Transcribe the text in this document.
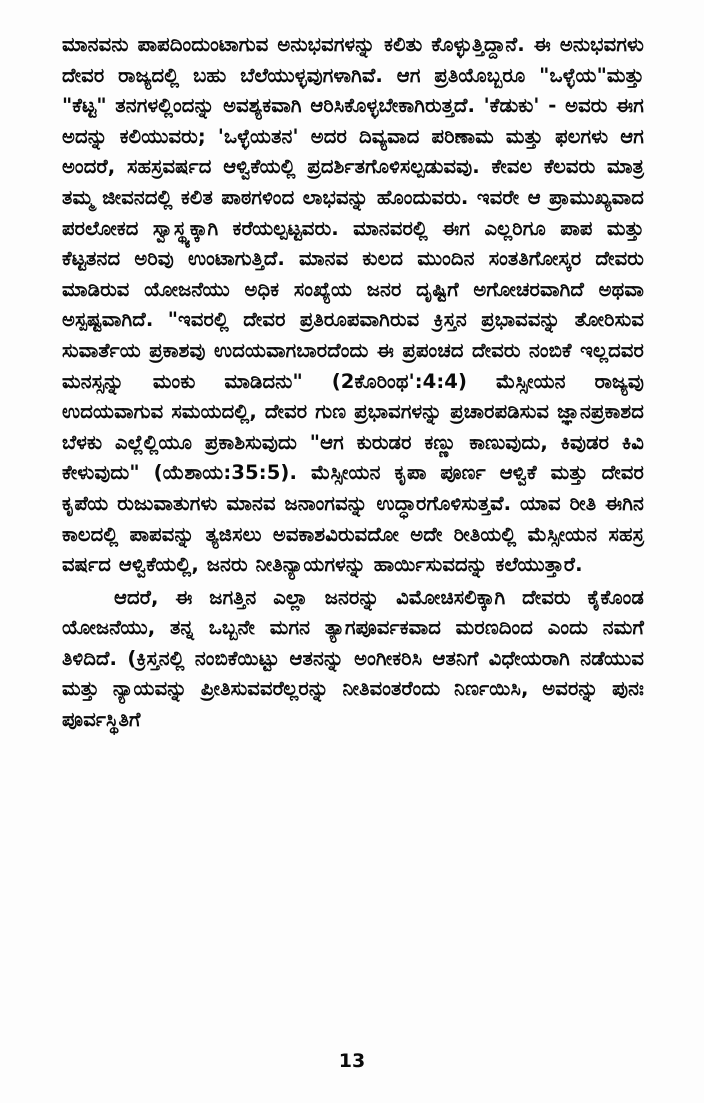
ಮಾನವನು ಪಾಪದಿಂದುಂಟಾಗುವ ಅನುಭವಗಳನ್ನು ಕಲಿತು ಕೊಳ್ಳುತ್ತಿದ್ದಾನೆ. ಈ ಅನುಭವಗಳು ದೇವರ ರಾಜ್ಯದಲ್ಲಿ ಬಹು ಬೆಲೆಯುಳ್ಳವುಗಳಾಗಿವೆ. ಆಗ ಪ್ರತಿಯೊಬ್ಬರೂ "ಒಳ್ಳೆಯ"ಮತ್ತು "ಕೆಟ್ಟ" ತನಗಳಲ್ಲಿಂದನ್ನು ಅವಶ್ಯಕವಾಗಿ ಆರಿಸಿಕೊಳ್ಳಬೇಕಾಗಿರುತ್ತದೆ. 'ಕೆಡುಕು' - ಅವರು ಈಗ ಅದನ್ನು ಕಲಿಯುವರು; 'ಒಳ್ಳೆಯತನ' ಅದರ ದಿವ್ಯವಾದ ಪರಿಣಾಮ ಮತ್ತು ಫಲಗಳು ಆಗ ಅಂದರೆ, ಸಹಸ್ರವರ್ಷದ ಆಳ್ವಿಕೆಯಲ್ಲಿ ಪ್ರದರ್ಶಿತಗೊಳಿಸಲ್ಪಡುವವು. ಕೇವಲ ಕೆಲವರು ಮಾತ್ರ ತಮ್ಮ ಜೀವನದಲ್ಲಿ ಕಲಿತ ಪಾಠಗಳಿಂದ ಲಾಭವನ್ನು ಹೊಂದುವರು. ಇವರೇ ಆ ಪ್ರಾಮುಖ್ಯವಾದ ಪರಲೋಕದ ಸ್ವಾಸ್ಥ್ಯಕ್ಕಾಗಿ ಕರೆಯಲ್ಪಟ್ಟವರು. ಮಾನವರಲ್ಲಿ ಈಗ ಎಲ್ಲರಿಗೂ ಪಾಪ ಮತ್ತು ಕೆಟ್ಟತನದ ಅರಿವು ಉಂಟಾಗುತ್ತಿದೆ. ಮಾನವ ಕುಲದ ಮುಂದಿನ ಸಂತತಿಗೋಸ್ಕರ ದೇವರು ಮಾಡಿರುವ ಯೋಜನೆಯು ಅಧಿಕ ಸಂಖ್ಯೆಯ ಜನರ ದೃಷ್ಟಿಗೆ ಅಗೋಚರವಾಗಿದೆ ಅಥವಾ ಅಸ್ಪಷ್ಟವಾಗಿದೆ. "ಇವರಲ್ಲಿ ದೇವರ ಪ್ರತಿರೂಪವಾಗಿರುವ ಕ್ರಿಸ್ತನ ಪ್ರಭಾವವನ್ನು ತೋರಿಸುವ ಸುವಾರ್ತೆಯ ಪ್ರಕಾಶವು ಉದಯವಾಗಬಾರದೆಂದು ಈ ಪ್ರಪಂಚದ ದೇವರು ನಂಬಿಕೆ ಇಲ್ಲದವರ ಮನಸ್ಸನ್ನು ಮಂಕು ಮಾಡಿದನು" (2ಕೊರಿಂಥ':4:4) ಮೆಸ್ಸೀಯನ ರಾಜ್ಯವು ಉದಯವಾಗುವ ಸಮಯದಲ್ಲಿ, ದೇವರ ಗುಣ ಪ್ರಭಾವಗಳನ್ನು ಪ್ರಚಾರಪಡಿಸುವ ಜ್ಞಾನಪ್ರಕಾಶದ ಬೆಳಕು ಎಲ್ಲೆಲ್ಲಿಯೂ ಪ್ರಕಾಶಿಸುವುದು "ಆಗ ಕುರುಡರ ಕಣ್ಣು ಕಾಣುವುದು, ಕಿವುಡರ ಕಿವಿ ಕೇಳುವುದು" (ಯೆಶಾಯ:35:5). ಮೆಸ್ಸೀಯನ ಕೃಪಾ ಪೂರ್ಣ ಆಳ್ವಿಕೆ ಮತ್ತು ದೇವರ ಕೃಪೆಯ ರುಜುವಾತುಗಳು ಮಾನವ ಜನಾಂಗವನ್ನು ಉದ್ಧಾರಗೊಳಿಸುತ್ತವೆ. ಯಾವ ರೀತಿ ಈಗಿನ ಕಾಲದಲ್ಲಿ ಪಾಪವನ್ನು ತ್ಯಜಿಸಲು ಅವಕಾಶವಿರುವದೋ ಅದೇ ರೀತಿಯಲ್ಲಿ ಮೆಸ್ಸೀಯನ ಸಹಸ್ರ ವರ್ಷದ ಆಳ್ವಿಕೆಯಲ್ಲಿ, ಜನರು ನೀತಿನ್ಯಾಯಗಳನ್ನು ಹಾರ್ಯಿಸುವದನ್ನು ಕಲೆಯುತ್ತಾರೆ.

ಆದರೆ, ಈ ಜಗತ್ತಿನ ಎಲ್ಲಾ ಜನರನ್ನು ವಿಮೋಚಿಸಲಿಕ್ಕಾಗಿ ದೇವರು ಕೈಕೊಂಡ ಯೋಜನೆಯು, ತನ್ನ ಒಬ್ಬನೇ ಮಗನ ತ್ಯಾಗಪೂರ್ವಕವಾದ ಮರಣದಿಂದ ಎಂದು ನಮಗೆ ತಿಳಿದಿದೆ. (ಕ್ರಿಸ್ತನಲ್ಲಿ ನಂಬಿಕೆಯಿಟ್ಟು ಆತನನ್ನು ಅಂಗೀಕರಿಸಿ ಆತನಿಗೆ ವಿಧೇಯರಾಗಿ ನಡೆಯುವ ಮತ್ತು ನ್ಯಾಯವನ್ನು ಪ್ರೀತಿಸುವವರೆಲ್ಲರನ್ನು ನೀತಿವಂತರೆಂದು ನಿರ್ಣಯಿಸಿ, ಅವರನ್ನು ಪುನಃ ಪೂರ್ವಸ್ಥಿತಿಗೆ

13
